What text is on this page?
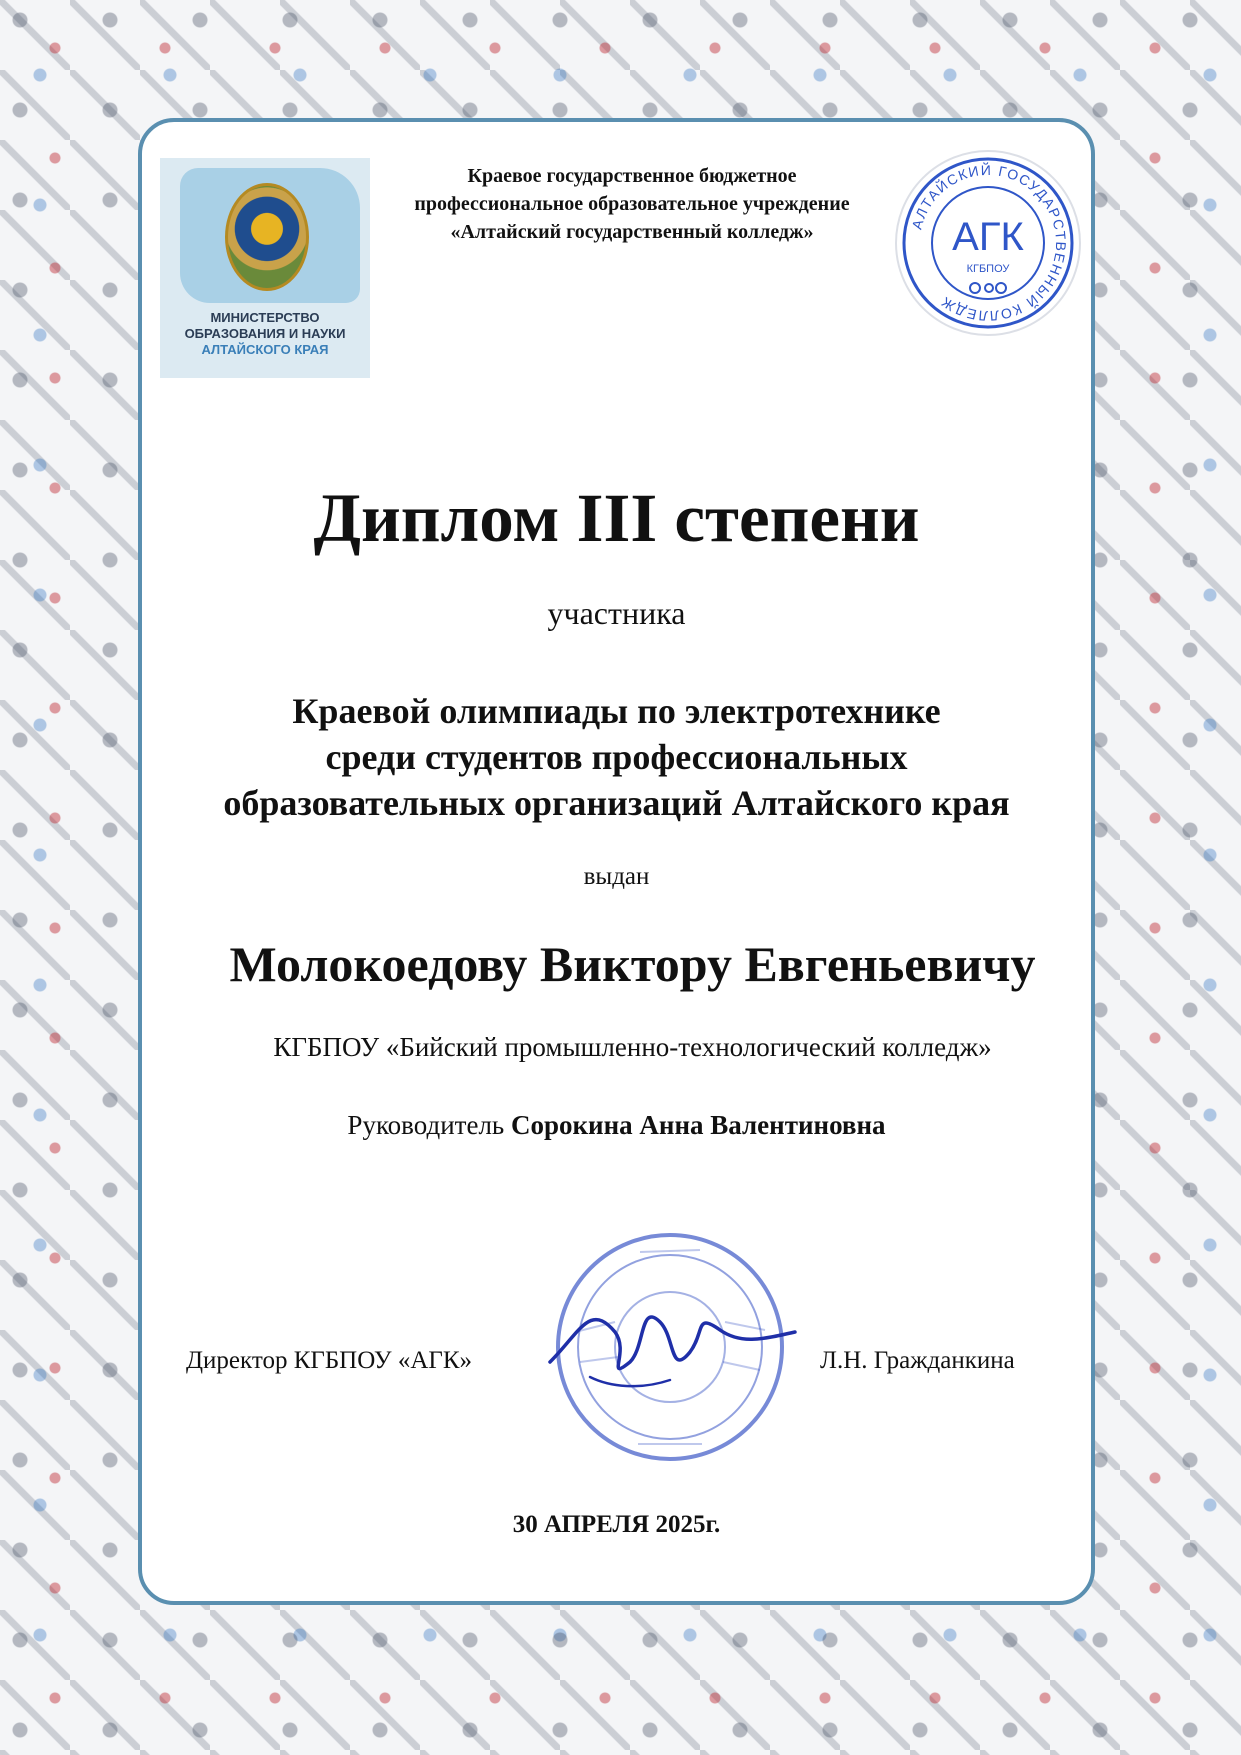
МИНИСТЕРСТВО
ОБРАЗОВАНИЯ И НАУКИ
АЛТАЙСКОГО КРАЯ
Краевое государственное бюджетное
профессиональное образовательное учреждение
«Алтайский государственный колледж»	АЛТАЙСКИЙ ГОСУДАРСТВЕННЫЙ КОЛЛЕДЖ
АГК
КГБПОУ
Диплом III степени
участника
Краевой олимпиады по электротехнике
среди студентов профессиональных
образовательных организаций Алтайского края
выдан
Молокоедову Виктору Евгеньевичу
КГБПОУ «Бийский промышленно-технологический колледж»
Руководитель Сорокина Анна Валентиновна
Директор КГБПОУ «АГК»	Л.Н. Гражданкина
30 АПРЕЛЯ 2025г.
